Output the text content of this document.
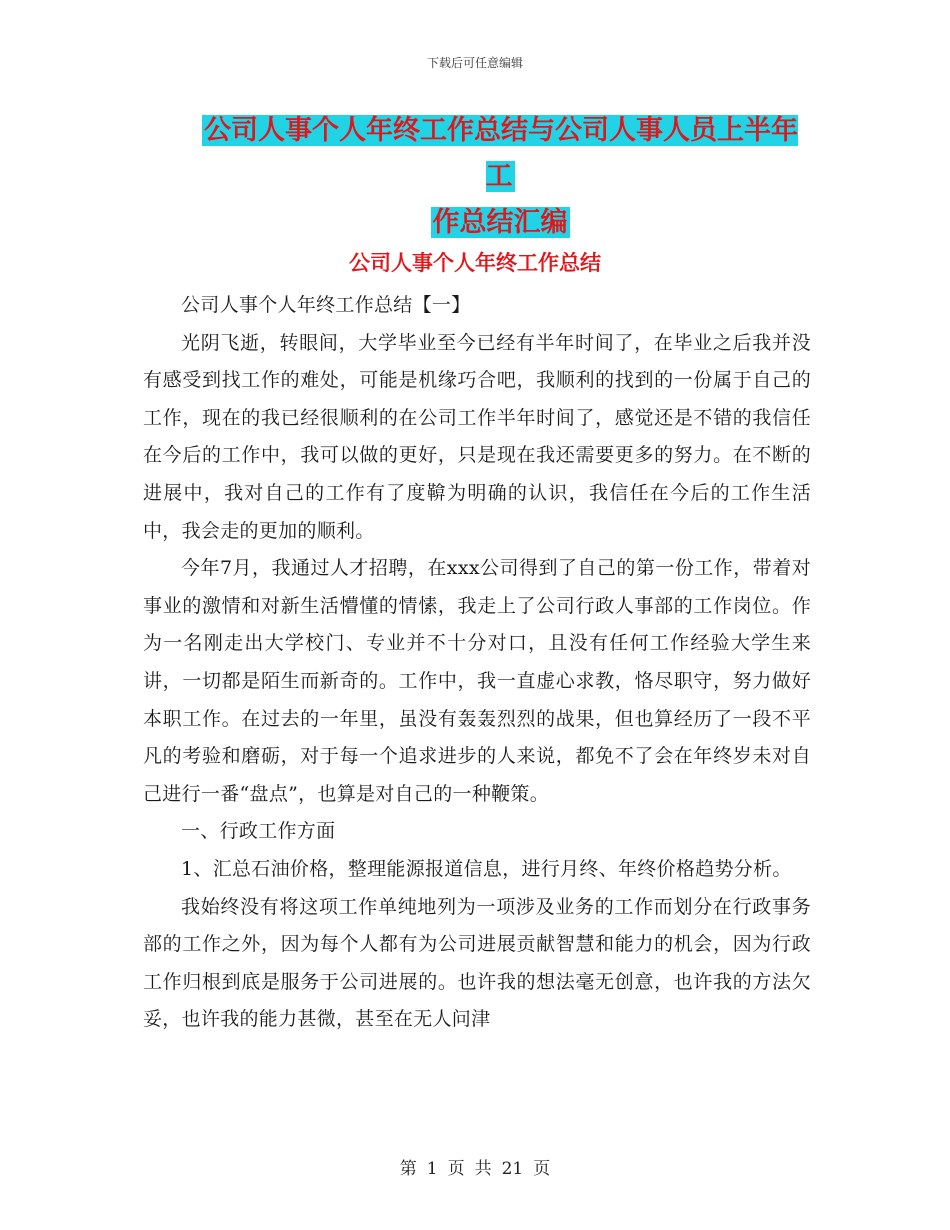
下载后可任意编辑
公司人事个人年终工作总结与公司人事人员上半年工
作总结汇编
公司人事个人年终工作总结

公司人事个人年终工作总结【一】

光阴飞逝，转眼间，大学毕业至今已经有半年时间了，在毕业之后我并没有感受到找工作的难处，可能是机缘巧合吧，我顺利的找到的一份属于自己的工作，现在的我已经很顺利的在公司工作半年时间了，感觉还是不错的我信任在今后的工作中，我可以做的更好，只是现在我还需要更多的努力。在不断的进展中，我对自己的工作有了度鞥为明确的认识，我信任在今后的工作生活中，我会走的更加的顺利。

今年7月，我通过人才招聘，在xxx公司得到了自己的第一份工作，带着对事业的激情和对新生活懵懂的情愫，我走上了公司行政人事部的工作岗位。作为一名刚走出大学校门、专业并不十分对口，且没有任何工作经验大学生来讲，一切都是陌生而新奇的。工作中，我一直虚心求教，恪尽职守，努力做好本职工作。在过去的一年里，虽没有轰轰烈烈的战果，但也算经历了一段不平凡的考验和磨砺，对于每一个追求进步的人来说，都免不了会在年终岁未对自己进行一番“盘点”，也算是对自己的一种鞭策。

一、行政工作方面

1、汇总石油价格，整理能源报道信息，进行月终、年终价格趋势分析。

我始终没有将这项工作单纯地列为一项涉及业务的工作而划分在行政事务部的工作之外，因为每个人都有为公司进展贡献智慧和能力的机会，因为行政工作归根到底是服务于公司进展的。也许我的想法毫无创意，也许我的方法欠妥，也许我的能力甚微，甚至在无人问津

第 1 页 共 21 页
